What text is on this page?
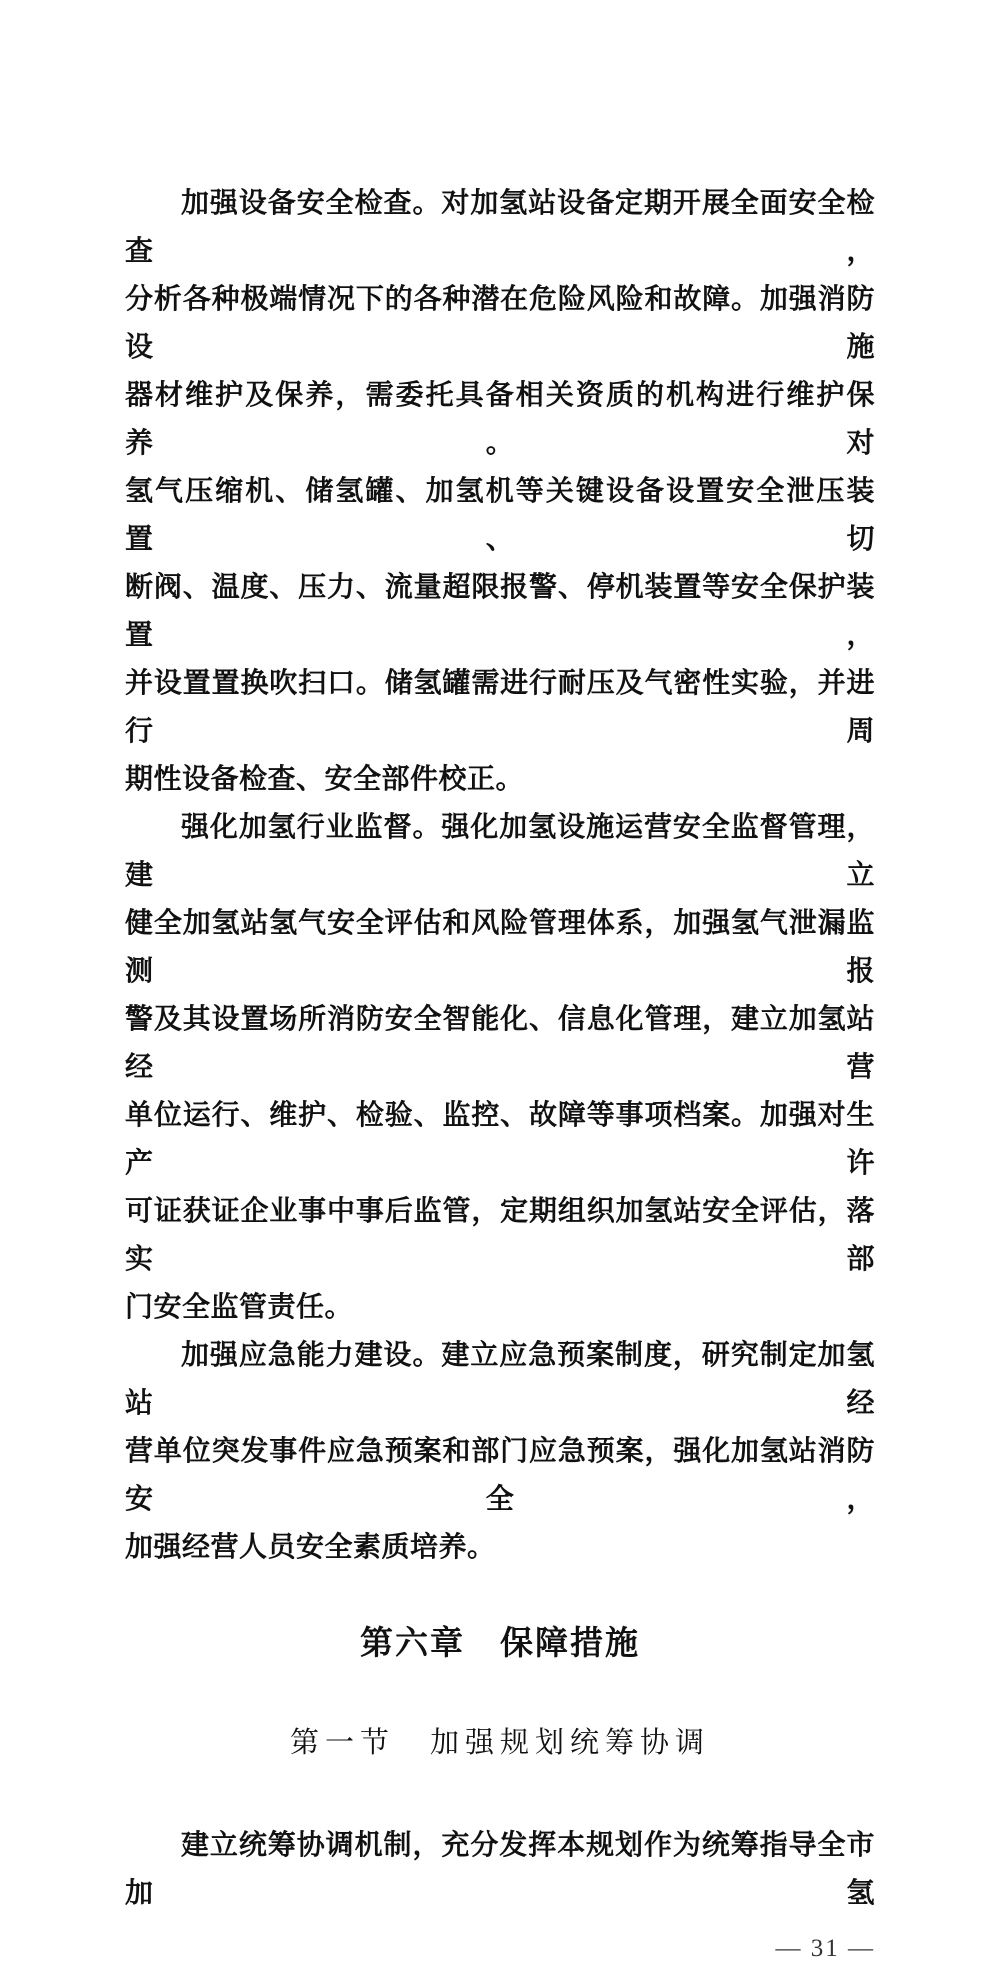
加强设备安全检查。对加氢站设备定期开展全面安全检查，
分析各种极端情况下的各种潜在危险风险和故障。加强消防设施
器材维护及保养，需委托具备相关资质的机构进行维护保养。对
氢气压缩机、储氢罐、加氢机等关键设备设置安全泄压装置、切
断阀、温度、压力、流量超限报警、停机装置等安全保护装置，
并设置置换吹扫口。储氢罐需进行耐压及气密性实验，并进行周
期性设备检查、安全部件校正。
强化加氢行业监督。强化加氢设施运营安全监督管理，建立
健全加氢站氢气安全评估和风险管理体系，加强氢气泄漏监测报
警及其设置场所消防安全智能化、信息化管理，建立加氢站经营
单位运行、维护、检验、监控、故障等事项档案。加强对生产许
可证获证企业事中事后监管，定期组织加氢站安全评估，落实部
门安全监管责任。
加强应急能力建设。建立应急预案制度，研究制定加氢站经
营单位突发事件应急预案和部门应急预案，强化加氢站消防安全，
加强经营人员安全素质培养。
第六章　保障措施
第一节　加强规划统筹协调
建立统筹协调机制，充分发挥本规划作为统筹指导全市加氢
— 31 —
